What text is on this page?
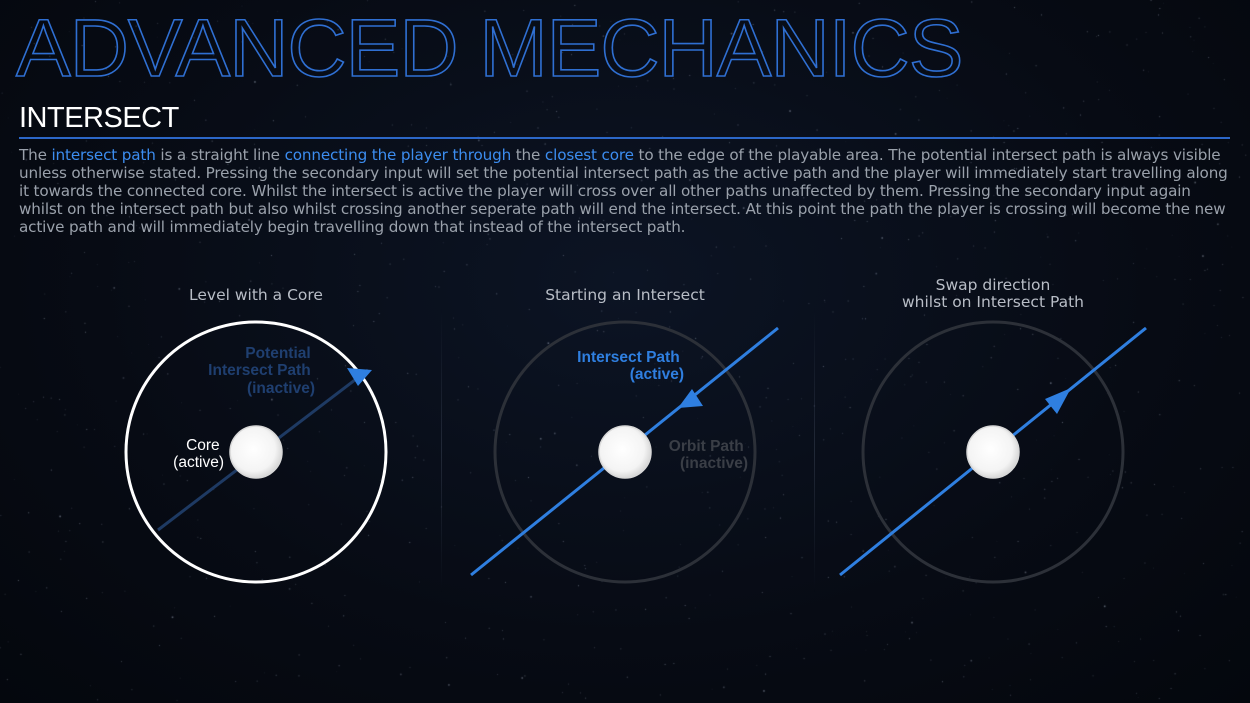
ADVANCED MECHANICS
INTERSECT
The intersect path is a straight line connecting the player through the closest core to the edge of the playable area. The potential intersect path is always visible unless otherwise stated. Pressing the secondary input will set the potential intersect path as the active path and the player will immediately start travelling along it towards the connected core. Whilst the intersect is active the player will cross over all other paths unaffected by them. Pressing the secondary input again whilst on the intersect path but also whilst crossing another seperate path will end the intersect. At this point the path the player is crossing will become the new active path and will immediately begin travelling down that instead of the intersect path.
Level with a Core	Starting an Intersect
Swap direction
whilst on Intersect Path
Potential Intersect Path (inactive)
Core (active)
Intersect Path (active)
Orbit Path (inactive)
